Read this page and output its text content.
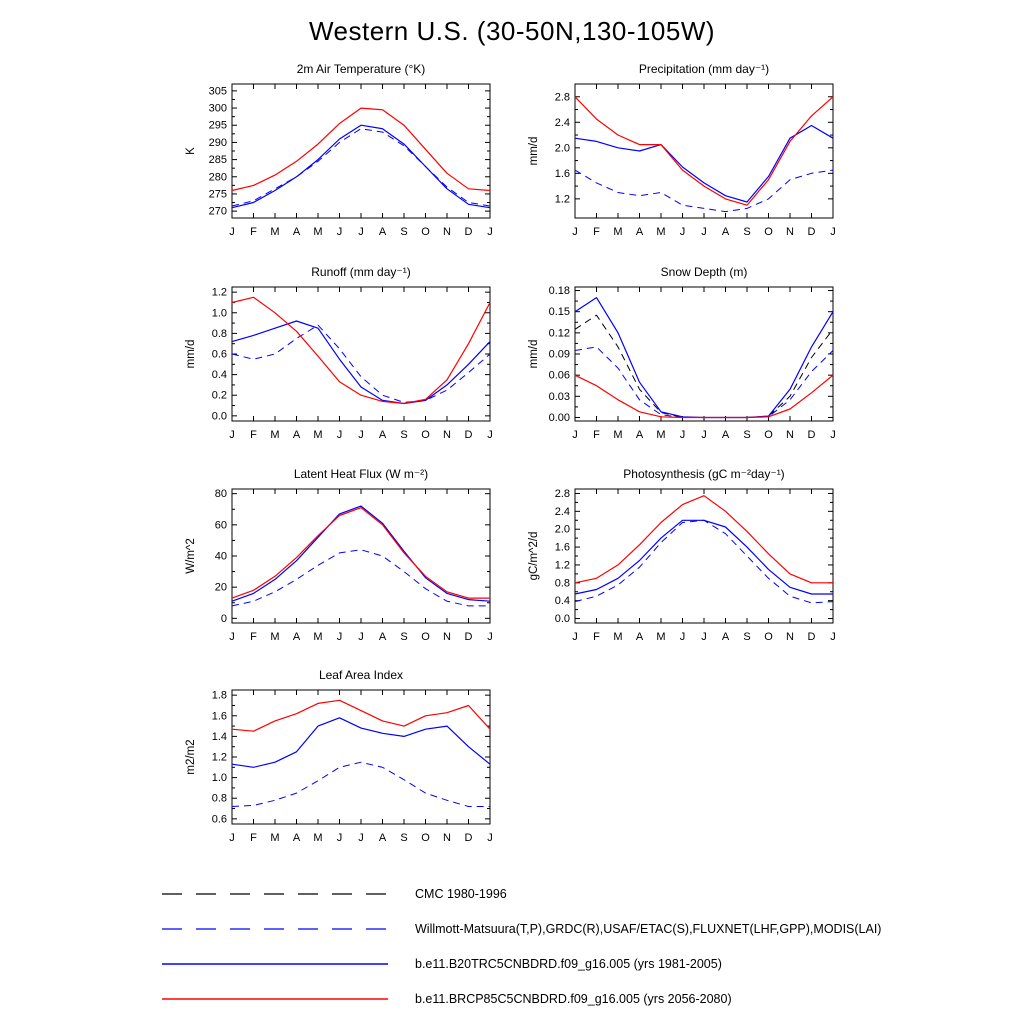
Western U.S. (30-50N,130-105W)
2m Air Temperature (°K)
270
275
280
285
290
295
300
305
J F M A M J J A S O N D J
K
Precipitation (mm day⁻¹)
1.2
1.6
2.0
2.4
2.8
J F M A M J J A S O N D J
mm/d
Runoff (mm day⁻¹)
0.0
0.2
0.4
0.6
0.8
1.0
1.2
J F M A M J J A S O N D J
mm/d
Snow Depth (m)
0.00
0.03
0.06
0.09
0.12
0.15
0.18
J F M A M J J A S O N D J
mm/d
Latent Heat Flux (W m⁻²)
0
20
40
60
80
J F M A M J J A S O N D J
W/m^2
Photosynthesis (gC m⁻²day⁻¹)
0.0
0.4
0.8
1.2
1.6
2.0
2.4
2.8
J F M A M J J A S O N D J
gC/m^2/d
Leaf Area Index
0.6
0.8
1.0
1.2
1.4
1.6
1.8
J F M A M J J A S O N D J
m2/m2
CMC 1980-1996
Willmott-Matsuura(T,P),GRDC(R),USAF/ETAC(S),FLUXNET(LHF,GPP),MODIS(LAI)
b.e11.B20TRC5CNBDRD.f09_g16.005 (yrs 1981-2005)
b.e11.BRCP85C5CNBDRD.f09_g16.005 (yrs 2056-2080)
